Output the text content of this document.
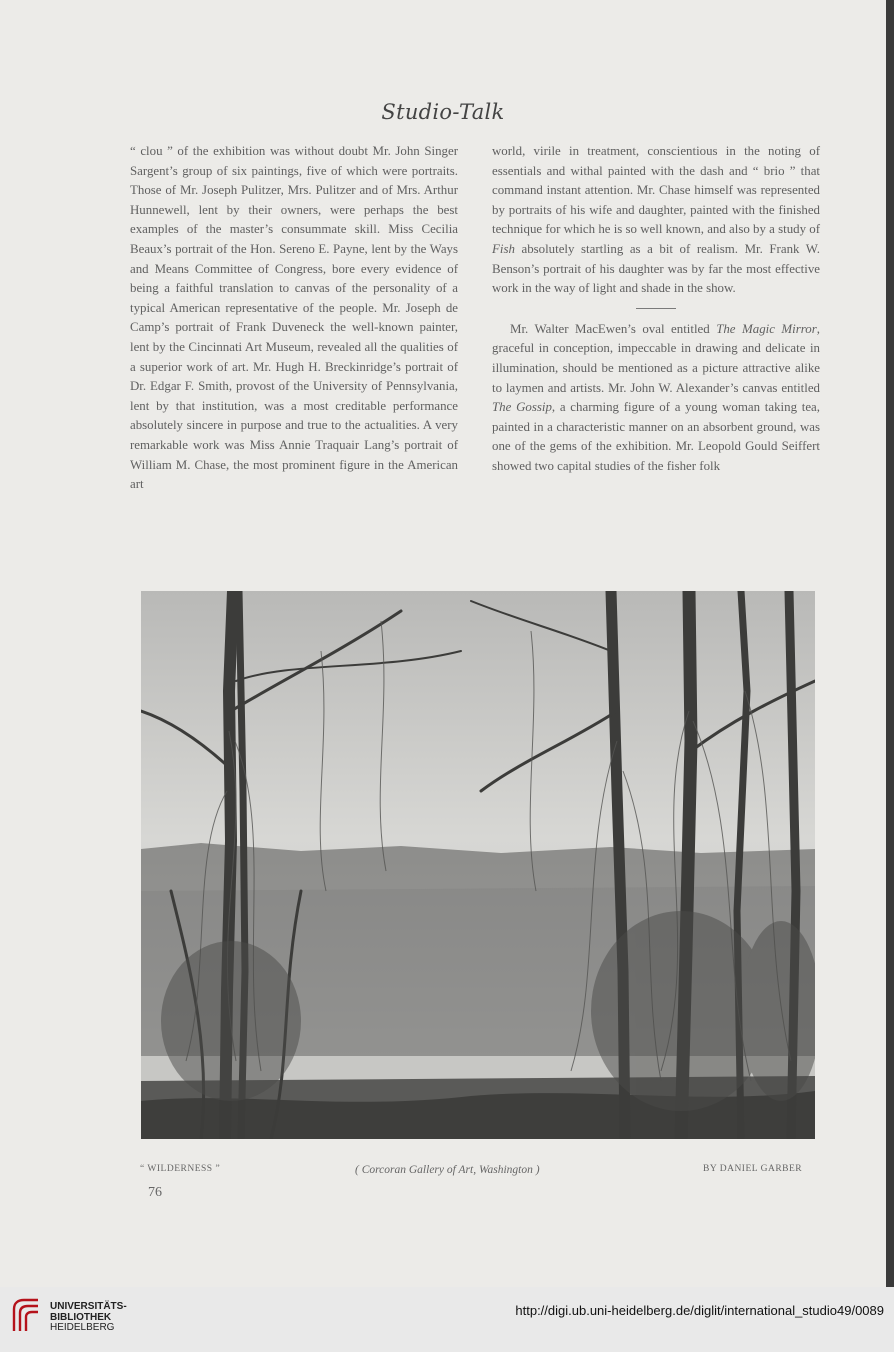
Studio-Talk

“ clou ” of the exhibition was without doubt Mr. John Singer Sargent’s group of six paintings, five of which were portraits. Those of Mr. Joseph Pulitzer, Mrs. Pulitzer and of Mrs. Arthur Hunnewell, lent by their owners, were perhaps the best examples of the master’s consummate skill. Miss Cecilia Beaux’s portrait of the Hon. Sereno E. Payne, lent by the Ways and Means Committee of Congress, bore every evidence of being a faithful translation to canvas of the personality of a typical American representative of the people. Mr. Joseph de Camp’s portrait of Frank Duveneck the well-known painter, lent by the Cincinnati Art Museum, revealed all the qualities of a superior work of art. Mr. Hugh H. Breckinridge’s portrait of Dr. Edgar F. Smith, provost of the University of Pennsylvania, lent by that institution, was a most creditable performance absolutely sincere in purpose and true to the actualities. A very remarkable work was Miss Annie Traquair Lang’s portrait of William M. Chase, the most prominent figure in the American art

world, virile in treatment, conscientious in the noting of essentials and withal painted with the dash and “ brio ” that command instant attention. Mr. Chase himself was represented by portraits of his wife and daughter, painted with the finished technique for which he is so well known, and also by a study of Fish absolutely startling as a bit of realism. Mr. Frank W. Benson’s portrait of his daughter was by far the most effective work in the way of light and shade in the show.

Mr. Walter MacEwen’s oval entitled The Magic Mirror, graceful in conception, impeccable in drawing and delicate in illumination, should be mentioned as a picture attractive alike to laymen and artists. Mr. John W. Alexander’s canvas entitled The Gossip, a charming figure of a young woman taking tea, painted in a characteristic manner on an absorbent ground, was one of the gems of the exhibition. Mr. Leopold Gould Seiffert showed two capital studies of the fisher folk

“ WILDERNESS ”	( Corcoran Gallery of Art, Washington )	BY DANIEL GARBER
76
UNIVERSITÄTS-
BIBLIOTHEK
HEIDELBERG
http://digi.ub.uni-heidelberg.de/diglit/international_studio49/0089
